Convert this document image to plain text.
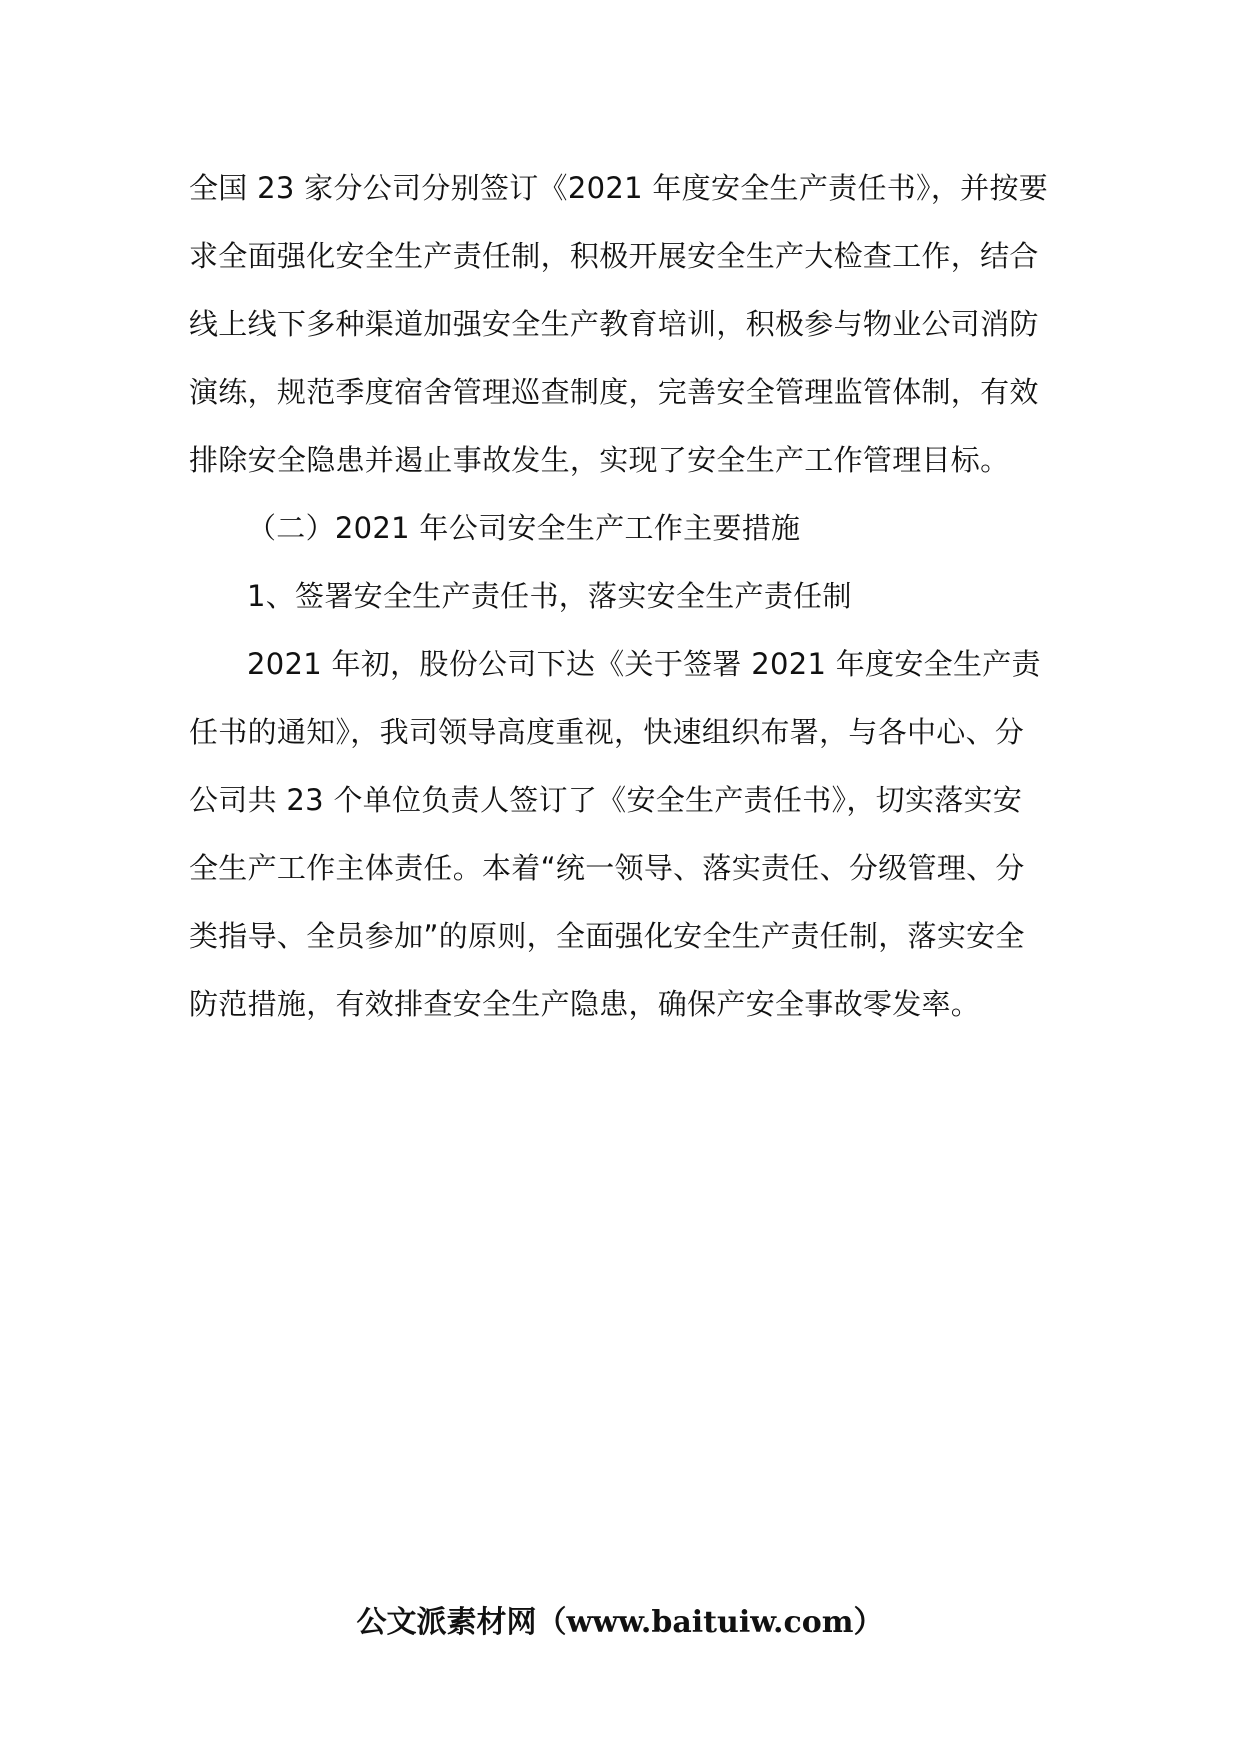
全国 23 家分公司分别签订《2021 年度安全生产责任书》，并按要
求全面强化安全生产责任制，积极开展安全生产大检查工作，结合
线上线下多种渠道加强安全生产教育培训，积极参与物业公司消防
演练，规范季度宿舍管理巡查制度，完善安全管理监管体制，有效
排除安全隐患并遏止事故发生，实现了安全生产工作管理目标。
（二）2021 年公司安全生产工作主要措施
1、签署安全生产责任书，落实安全生产责任制
2021 年初，股份公司下达《关于签署 2021 年度安全生产责
任书的通知》，我司领导高度重视，快速组织布署，与各中心、分
公司共 23 个单位负责人签订了《安全生产责任书》，切实落实安
全生产工作主体责任。本着“统一领导、落实责任、分级管理、分
类指导、全员参加”的原则，全面强化安全生产责任制，落实安全
防范措施，有效排查安全生产隐患，确保产安全事故零发率。
公文派素材网（www.baituiw.com）
